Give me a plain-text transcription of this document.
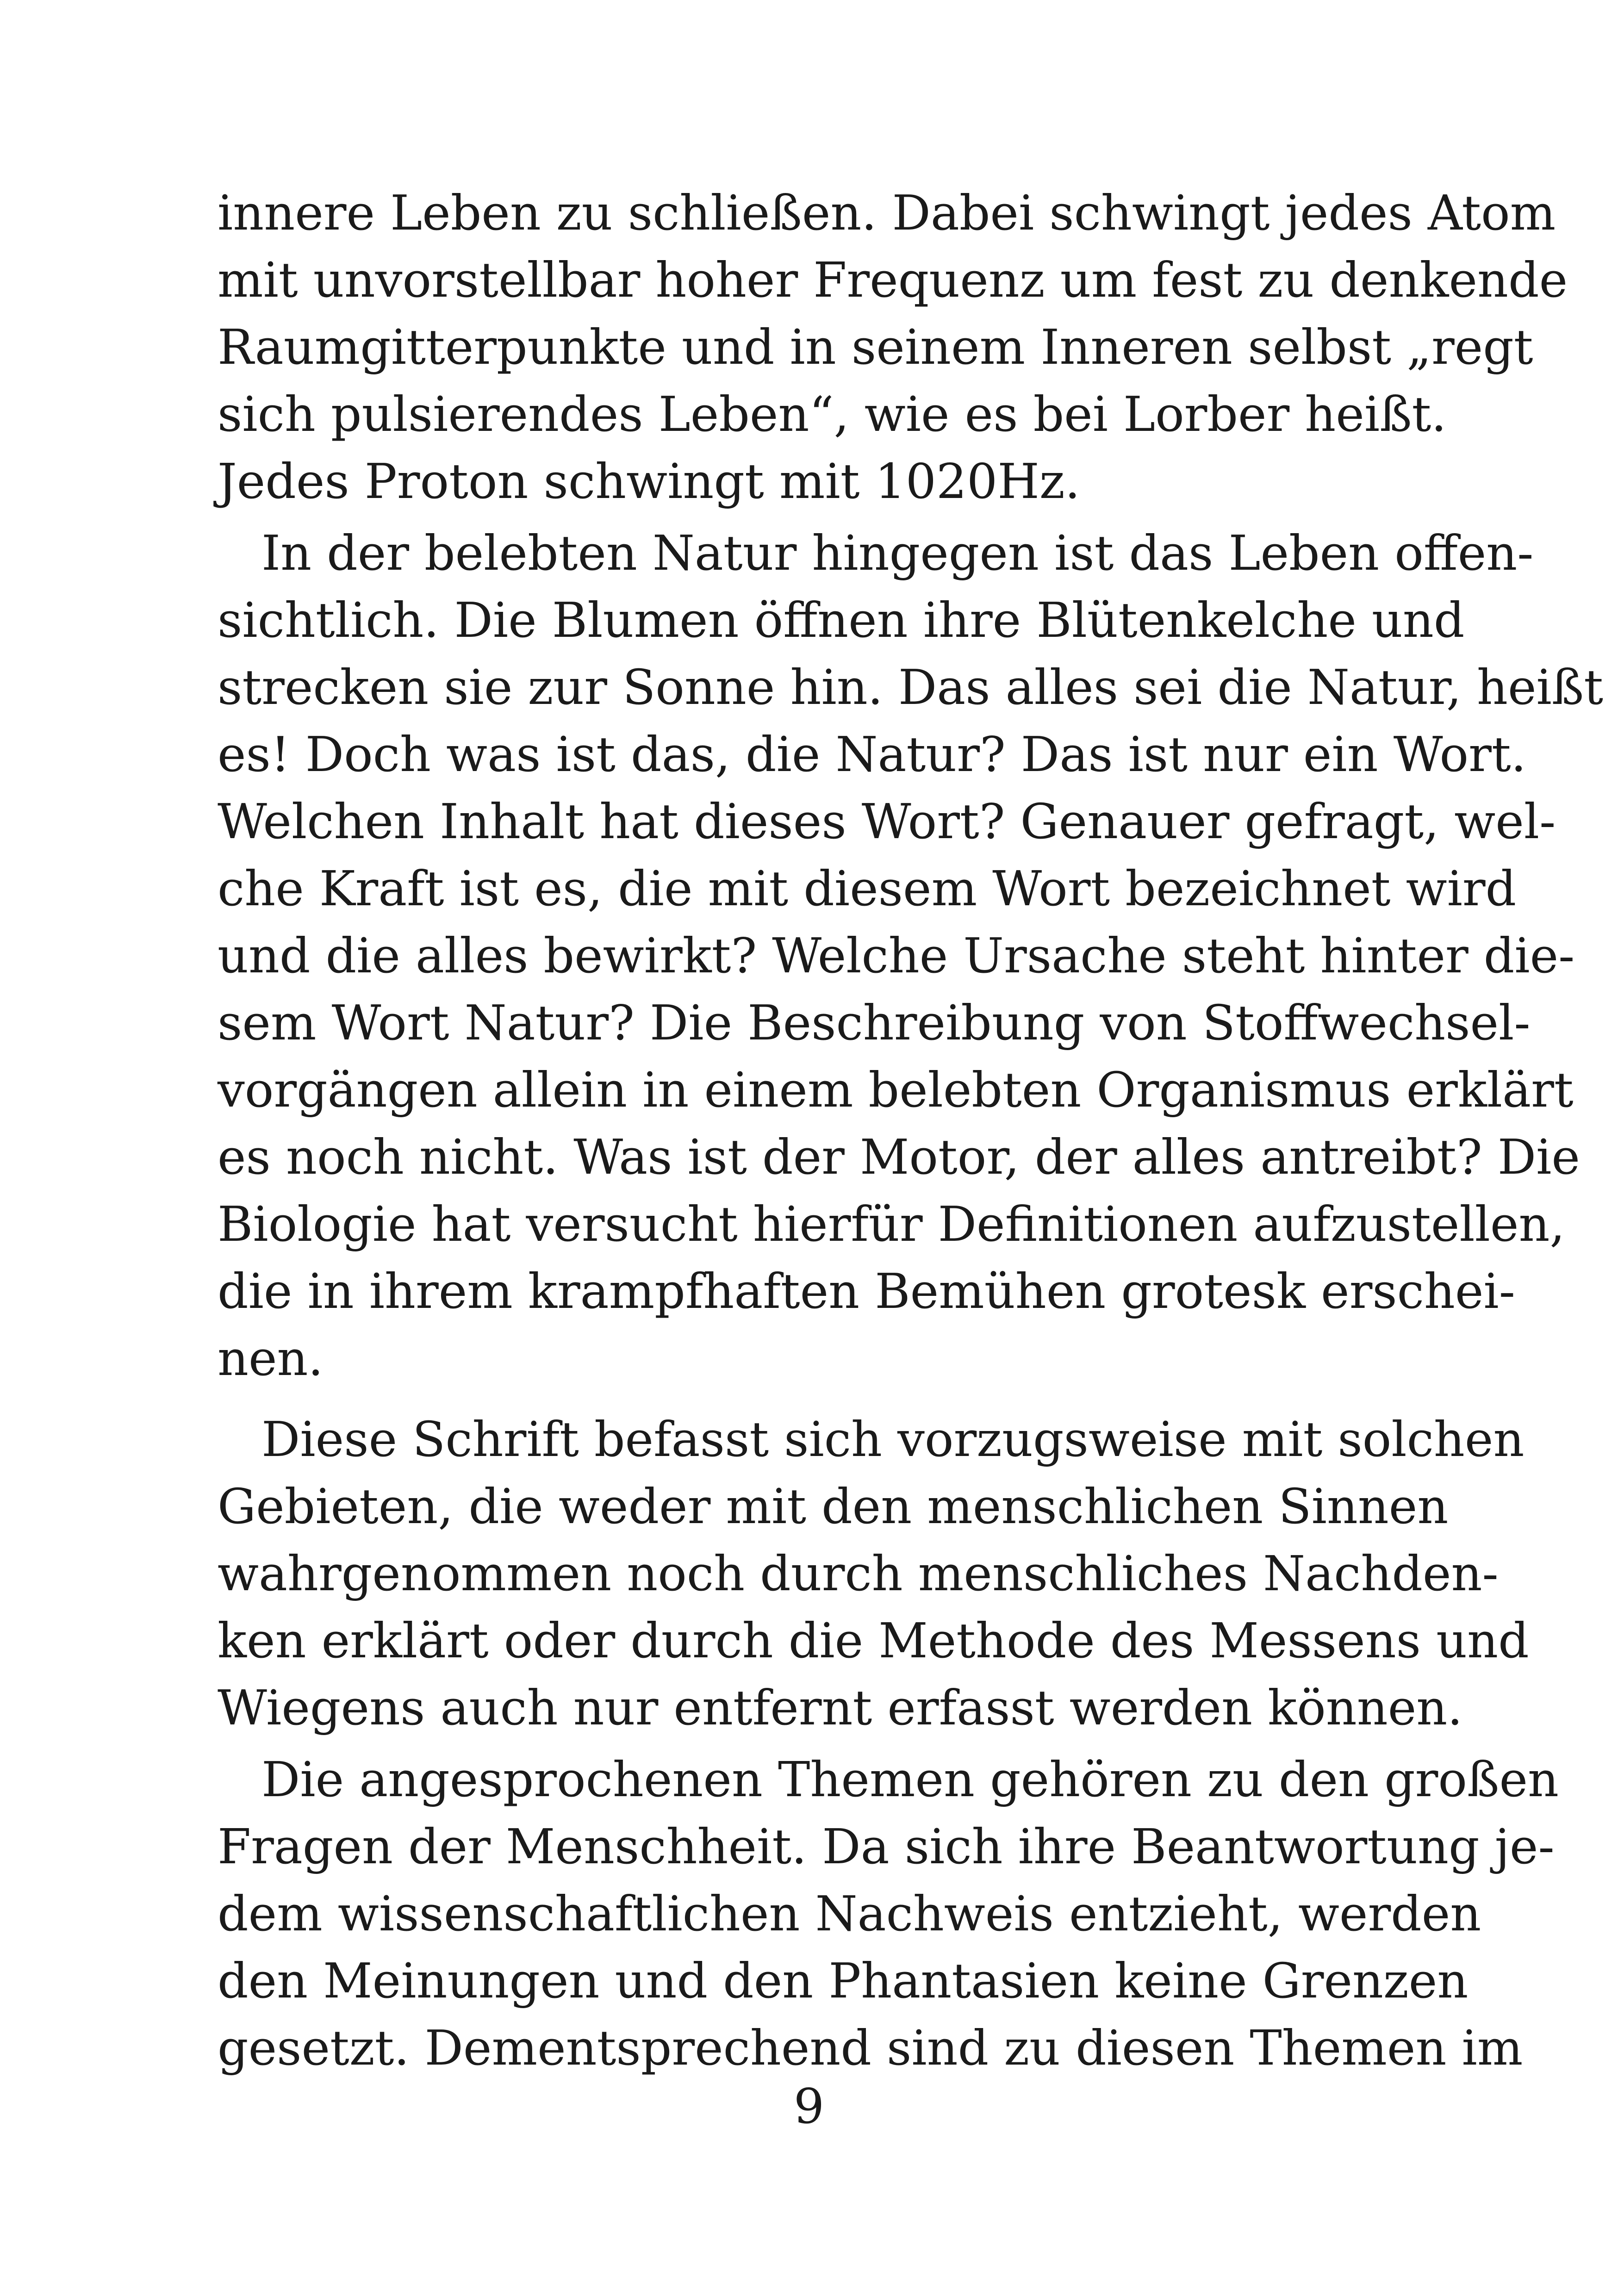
innere Leben zu schließen. Dabei schwingt jedes Atom
mit unvorstellbar hoher Frequenz um fest zu denkende
Raumgitterpunkte und in seinem Inneren selbst „regt
sich pulsierendes Leben“, wie es bei Lorber heißt.
Jedes Proton schwingt mit 1020Hz.
In der belebten Natur hingegen ist das Leben offen-
sichtlich. Die Blumen öffnen ihre Blütenkelche und
strecken sie zur Sonne hin. Das alles sei die Natur, heißt
es! Doch was ist das, die Natur? Das ist nur ein Wort.
Welchen Inhalt hat dieses Wort? Genauer gefragt, wel-
che Kraft ist es, die mit diesem Wort bezeichnet wird
und die alles bewirkt? Welche Ursache steht hinter die-
sem Wort Natur? Die Beschreibung von Stoffwechsel-
vorgängen allein in einem belebten Organismus erklärt
es noch nicht. Was ist der Motor, der alles antreibt? Die
Biologie hat versucht hierfür Definitionen aufzustellen,
die in ihrem krampfhaften Bemühen grotesk erschei-
nen.
Diese Schrift befasst sich vorzugsweise mit solchen
Gebieten, die weder mit den menschlichen Sinnen
wahrgenommen noch durch menschliches Nachden-
ken erklärt oder durch die Methode des Messens und
Wiegens auch nur entfernt erfasst werden können.
Die angesprochenen Themen gehören zu den großen
Fragen der Menschheit. Da sich ihre Beantwortung je-
dem wissenschaftlichen Nachweis entzieht, werden
den Meinungen und den Phantasien keine Grenzen
gesetzt. Dementsprechend sind zu diesen Themen im
9
